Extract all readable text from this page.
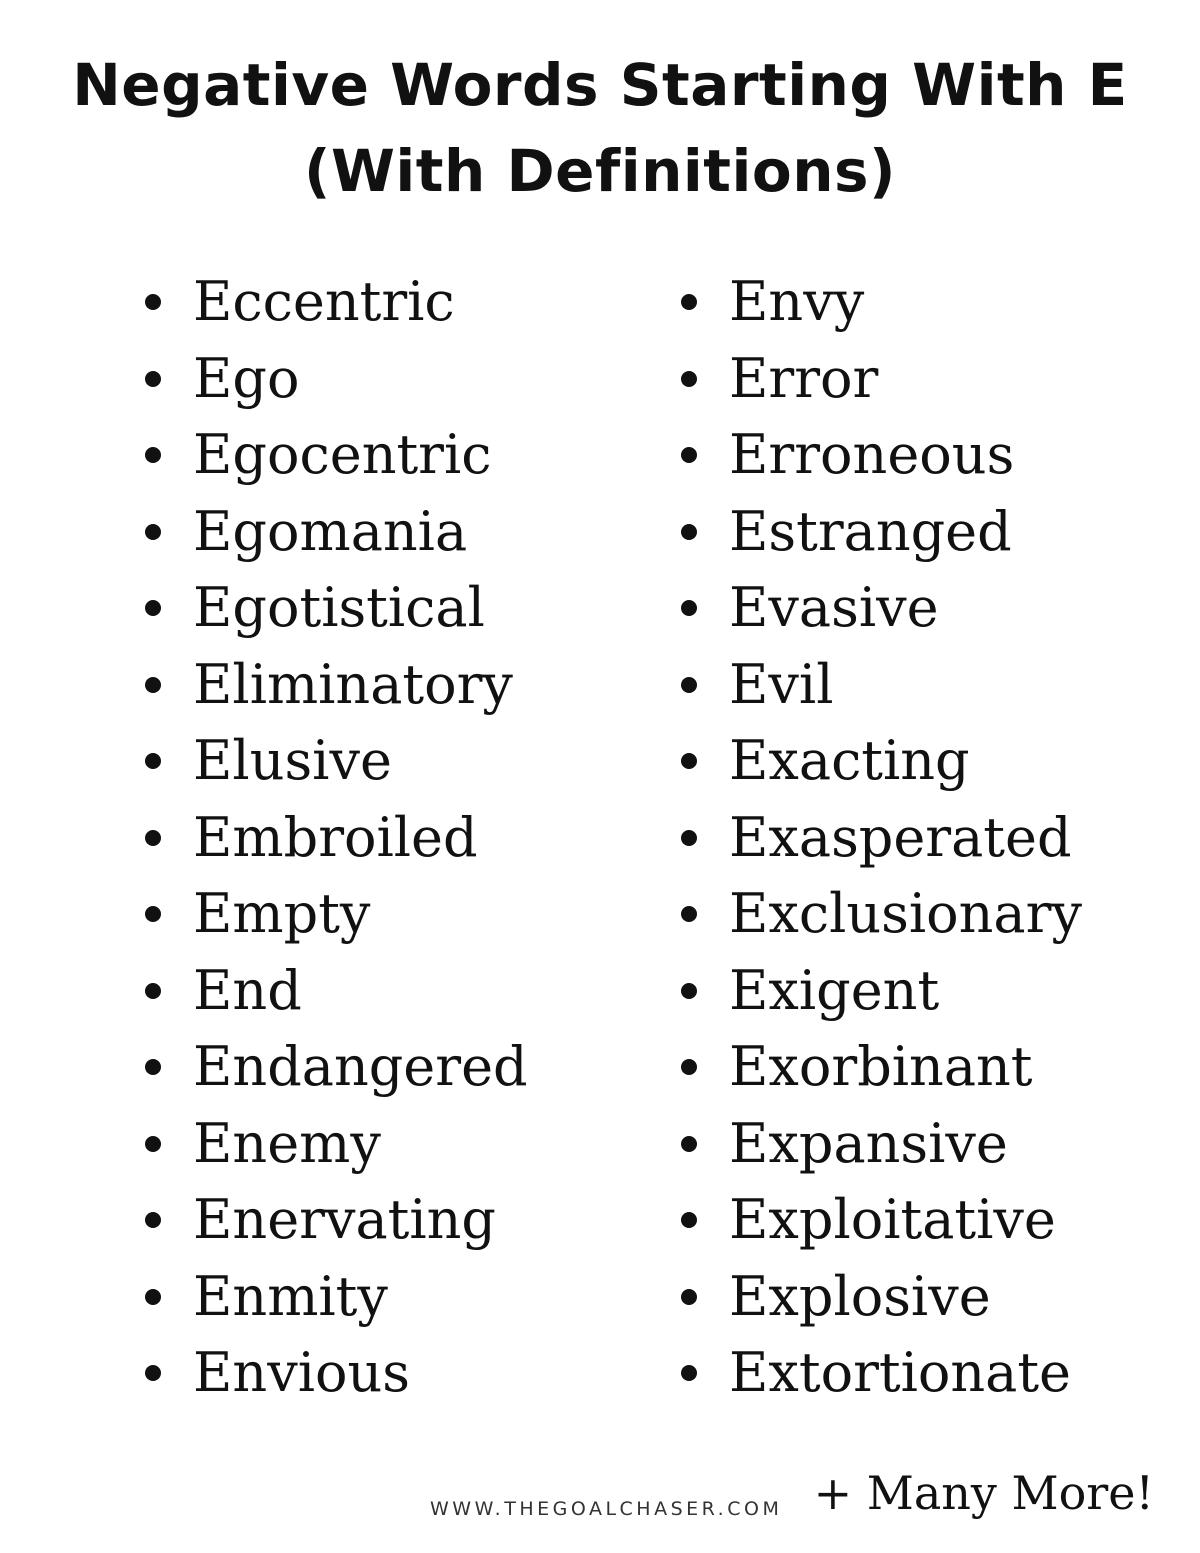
Negative Words Starting With E
(With Definitions)
Eccentric
Ego
Egocentric
Egomania
Egotistical
Eliminatory
Elusive
Embroiled
Empty
End
Endangered
Enemy
Enervating
Enmity
Envious
Envy
Error
Erroneous
Estranged
Evasive
Evil
Exacting
Exasperated
Exclusionary
Exigent
Exorbinant
Expansive
Exploitative
Explosive
Extortionate
WWW.THEGOALCHASER.COM + Many More!
